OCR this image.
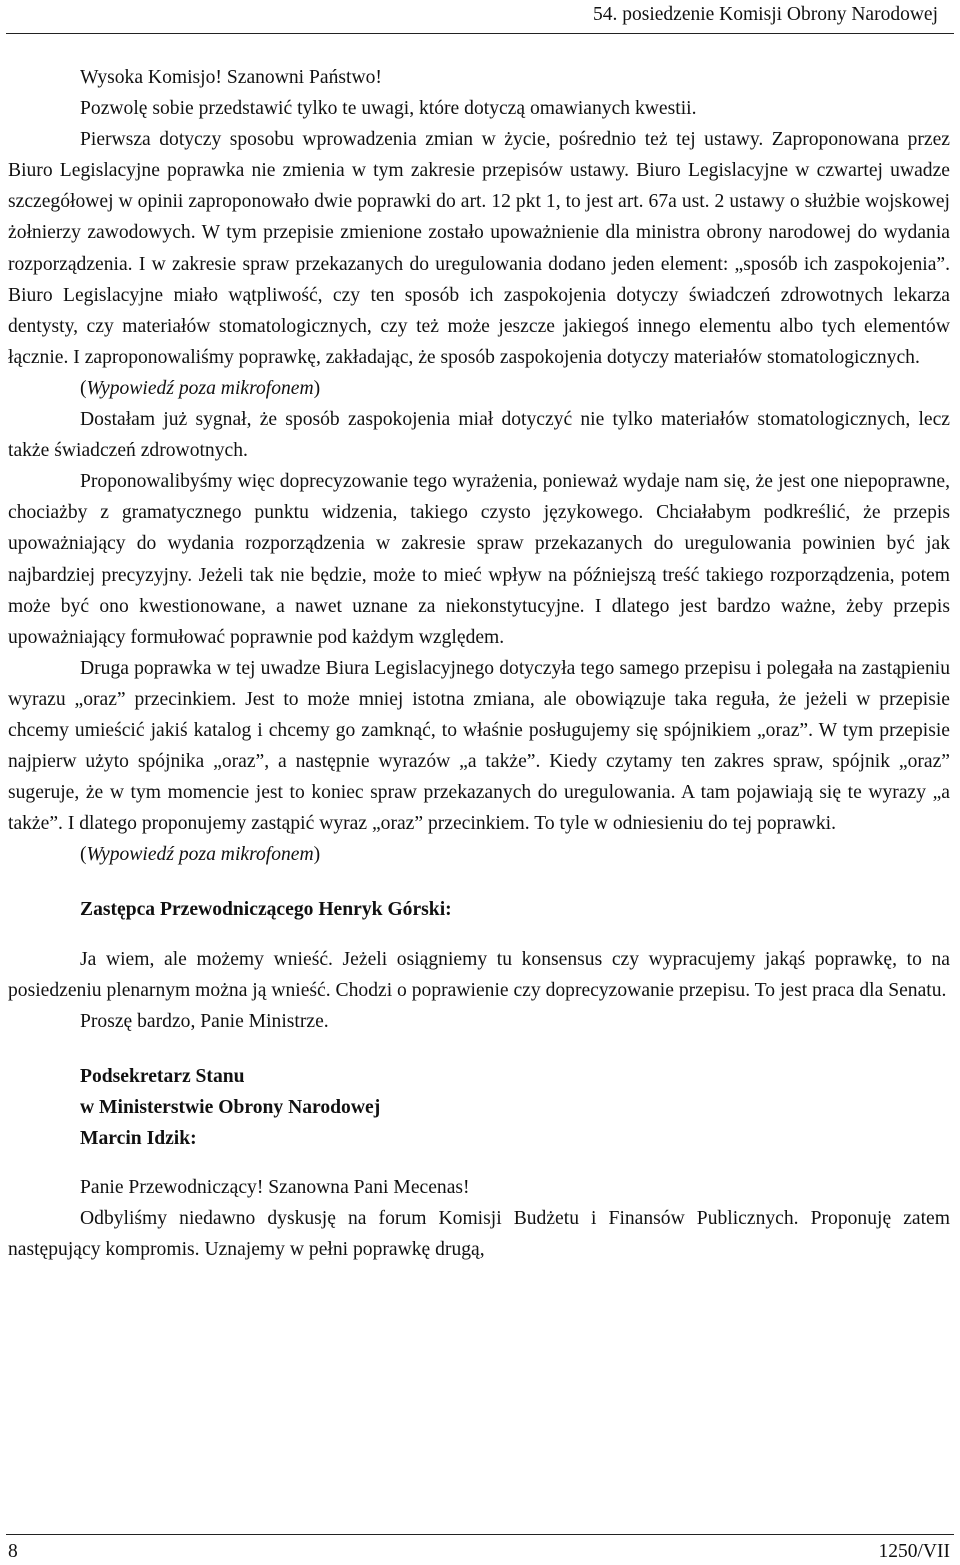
54. posiedzenie Komisji Obrony Narodowej

Wysoka Komisjo! Szanowni Państwo!

Pozwolę sobie przedstawić tylko te uwagi, które dotyczą omawianych kwestii.

Pierwsza dotyczy sposobu wprowadzenia zmian w życie, pośrednio też tej ustawy. Zaproponowana przez Biuro Legislacyjne poprawka nie zmienia w tym zakresie przepisów ustawy. Biuro Legislacyjne w czwartej uwadze szczegółowej w opinii zaproponowało dwie poprawki do art. 12 pkt 1, to jest art. 67a ust. 2 ustawy o służbie wojskowej żołnierzy zawodowych. W tym przepisie zmienione zostało upoważnienie dla ministra obrony narodowej do wydania rozporządzenia. I w zakresie spraw przekazanych do uregulowania dodano jeden element: „sposób ich zaspokojenia”. Biuro Legislacyjne miało wątpliwość, czy ten sposób ich zaspokojenia dotyczy świadczeń zdrowotnych lekarza dentysty, czy materiałów stomatologicznych, czy też może jeszcze jakiegoś innego elementu albo tych elementów łącznie. I zaproponowaliśmy poprawkę, zakładając, że sposób zaspokojenia dotyczy materiałów stomatologicznych.

(Wypowiedź poza mikrofonem)

Dostałam już sygnał, że sposób zaspokojenia miał dotyczyć nie tylko materiałów stomatologicznych, lecz także świadczeń zdrowotnych.

Proponowalibyśmy więc doprecyzowanie tego wyrażenia, ponieważ wydaje nam się, że jest one niepoprawne, chociażby z gramatycznego punktu widzenia, takiego czysto językowego. Chciałabym podkreślić, że przepis upoważniający do wydania rozporządzenia w zakresie spraw przekazanych do uregulowania powinien być jak najbardziej precyzyjny. Jeżeli tak nie będzie, może to mieć wpływ na późniejszą treść takiego rozporządzenia, potem może być ono kwestionowane, a nawet uznane za niekonstytucyjne. I dlatego jest bardzo ważne, żeby przepis upoważniający formułować poprawnie pod każdym względem.

Druga poprawka w tej uwadze Biura Legislacyjnego dotyczyła tego samego przepisu i polegała na zastąpieniu wyrazu „oraz” przecinkiem. Jest to może mniej istotna zmiana, ale obowiązuje taka reguła, że jeżeli w przepisie chcemy umieścić jakiś katalog i chcemy go zamknąć, to właśnie posługujemy się spójnikiem „oraz”. W tym przepisie najpierw użyto spójnika „oraz”, a następnie wyrazów „a także”. Kiedy czytamy ten zakres spraw, spójnik „oraz” sugeruje, że w tym momencie jest to koniec spraw przekazanych do uregulowania. A tam pojawiają się te wyrazy „a także”. I dlatego proponujemy zastąpić wyraz „oraz” przecinkiem. To tyle w odniesieniu do tej poprawki.

(Wypowiedź poza mikrofonem)

Zastępca Przewodniczącego Henryk Górski:

Ja wiem, ale możemy wnieść. Jeżeli osiągniemy tu konsensus czy wypracujemy jakąś poprawkę, to na posiedzeniu plenarnym można ją wnieść. Chodzi o poprawienie czy doprecyzowanie przepisu. To jest praca dla Senatu.

Proszę bardzo, Panie Ministrze.

Podsekretarz Stanu

w Ministerstwie Obrony Narodowej

Marcin Idzik:

Panie Przewodniczący! Szanowna Pani Mecenas!

Odbyliśmy niedawno dyskusję na forum Komisji Budżetu i Finansów Publicznych. Proponuję zatem następujący kompromis. Uznajemy w pełni poprawkę drugą,

8	1250/VII
